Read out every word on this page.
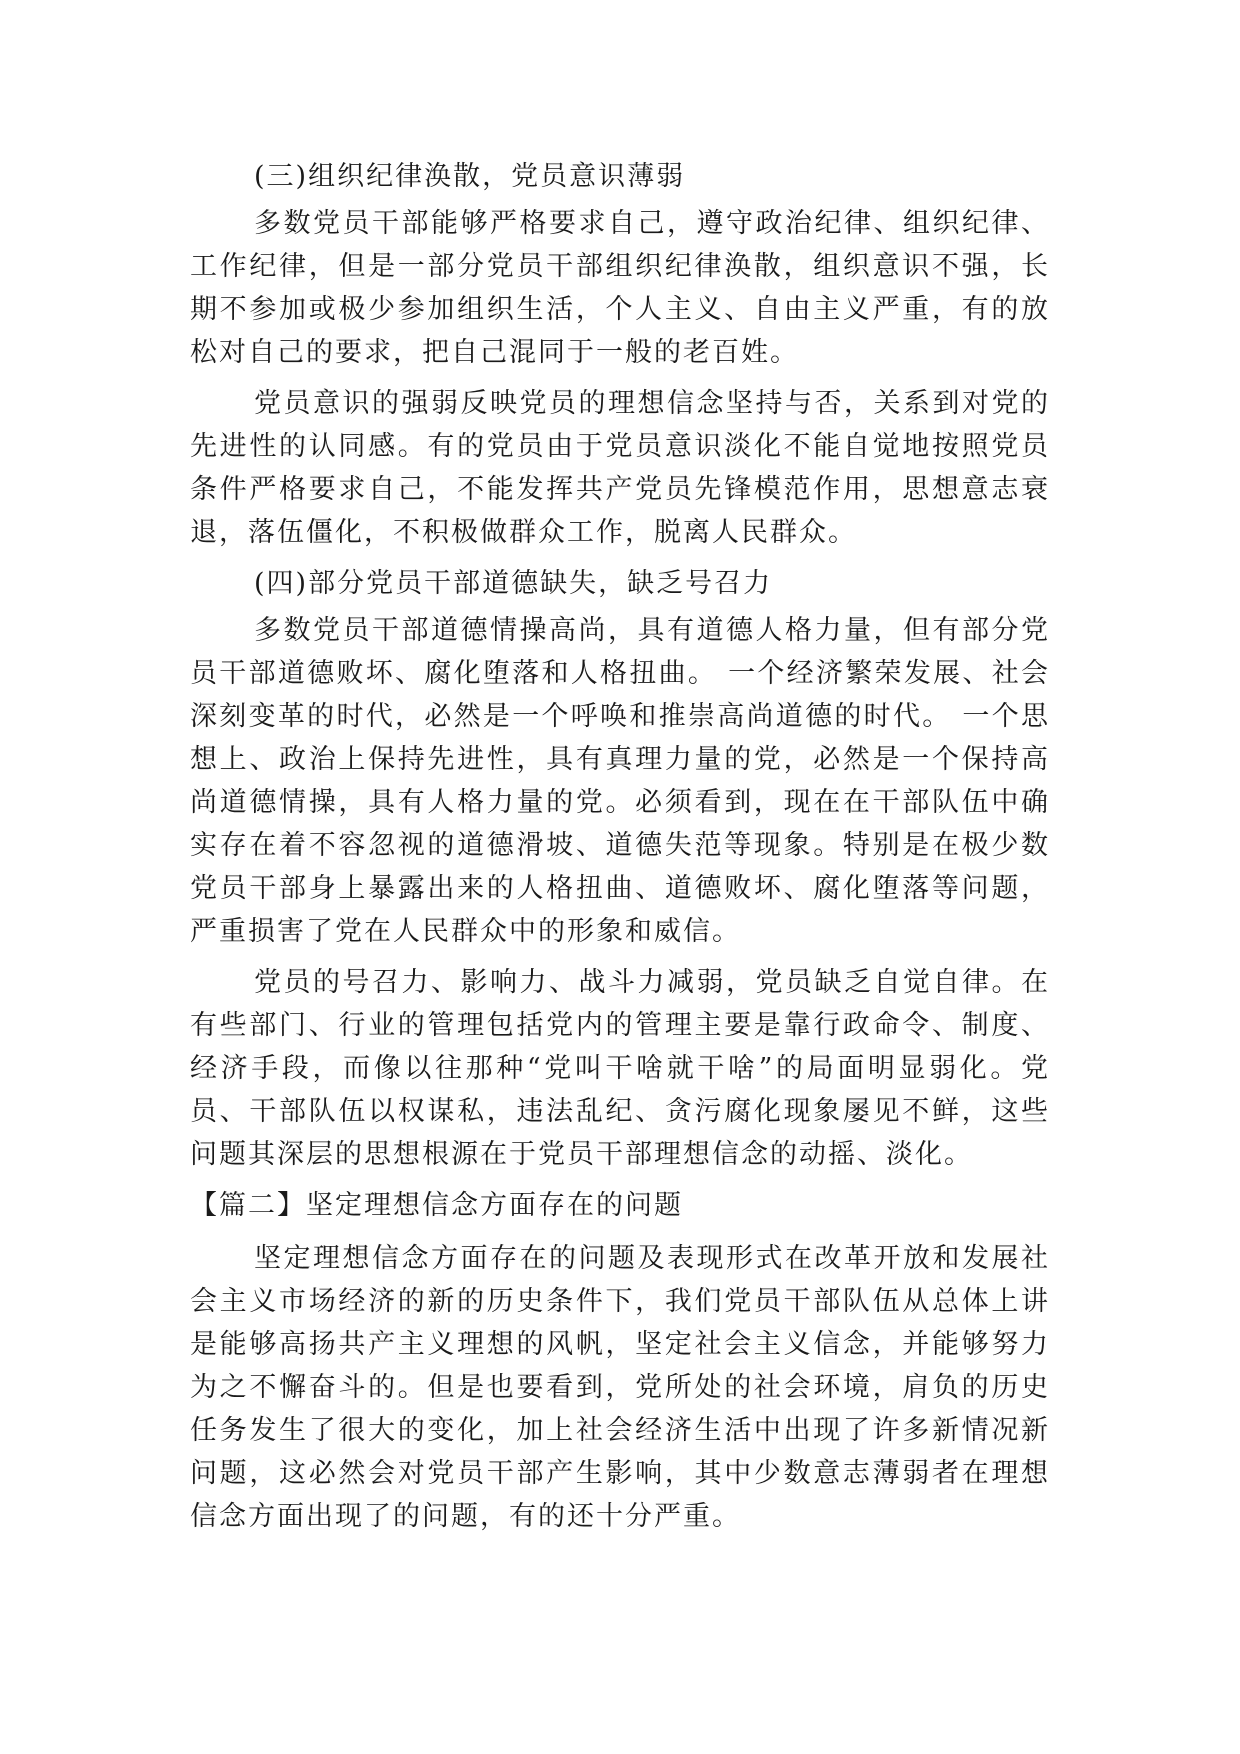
(三)组织纪律涣散，党员意识薄弱

多数党员干部能够严格要求自己，遵守政治纪律、组织纪律、工作纪律，但是一部分党员干部组织纪律涣散，组织意识不强，长期不参加或极少参加组织生活，个人主义、自由主义严重，有的放松对自己的要求，把自己混同于一般的老百姓。

党员意识的强弱反映党员的理想信念坚持与否，关系到对党的先进性的认同感。有的党员由于党员意识淡化不能自觉地按照党员条件严格要求自己，不能发挥共产党员先锋模范作用，思想意志衰退，落伍僵化，不积极做群众工作，脱离人民群众。

(四)部分党员干部道德缺失，缺乏号召力

多数党员干部道德情操高尚，具有道德人格力量，但有部分党员干部道德败坏、腐化堕落和人格扭曲。 一个经济繁荣发展、社会深刻变革的时代，必然是一个呼唤和推崇高尚道德的时代。 一个思想上、政治上保持先进性，具有真理力量的党，必然是一个保持高尚道德情操，具有人格力量的党。必须看到，现在在干部队伍中确实存在着不容忽视的道德滑坡、道德失范等现象。特别是在极少数党员干部身上暴露出来的人格扭曲、道德败坏、腐化堕落等问题，严重损害了党在人民群众中的形象和威信。

党员的号召力、影响力、战斗力减弱，党员缺乏自觉自律。在有些部门、行业的管理包括党内的管理主要是靠行政命令、制度、经济手段，而像以往那种“党叫干啥就干啥”的局面明显弱化。党员、干部队伍以权谋私，违法乱纪、贪污腐化现象屡见不鲜，这些问题其深层的思想根源在于党员干部理想信念的动摇、淡化。

【篇二】坚定理想信念方面存在的问题

坚定理想信念方面存在的问题及表现形式在改革开放和发展社会主义市场经济的新的历史条件下，我们党员干部队伍从总体上讲是能够高扬共产主义理想的风帆，坚定社会主义信念，并能够努力为之不懈奋斗的。但是也要看到，党所处的社会环境，肩负的历史任务发生了很大的变化，加上社会经济生活中出现了许多新情况新问题，这必然会对党员干部产生影响，其中少数意志薄弱者在理想信念方面出现了的问题，有的还十分严重。
